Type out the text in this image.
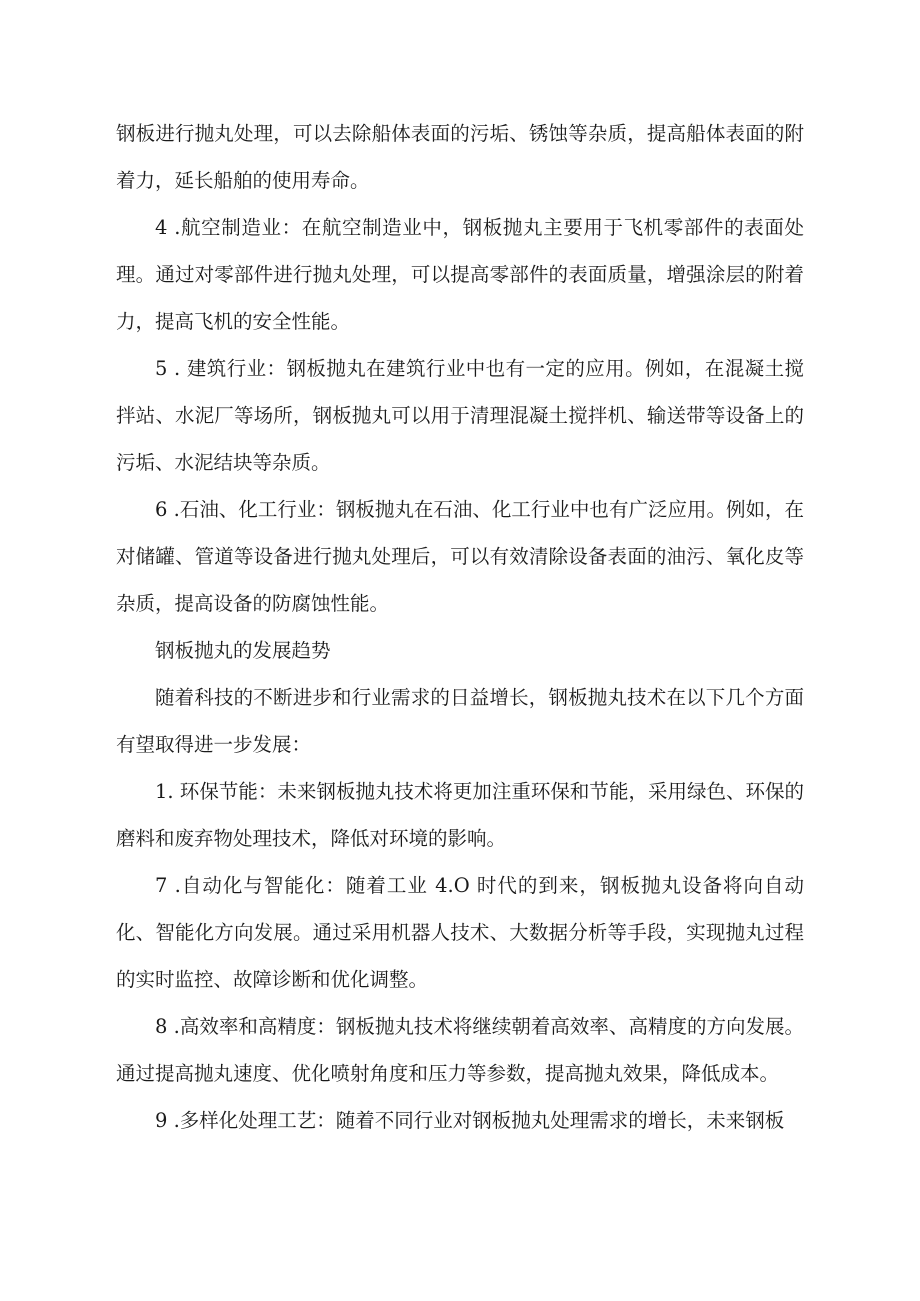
钢板进行抛丸处理，可以去除船体表面的污垢、锈蚀等杂质，提高船体表面的附着力，延长船舶的使用寿命。

4 .航空制造业：在航空制造业中，钢板抛丸主要用于飞机零部件的表面处理。通过对零部件进行抛丸处理，可以提高零部件的表面质量，增强涂层的附着力，提高飞机的安全性能。

5 . 建筑行业：钢板抛丸在建筑行业中也有一定的应用。例如，在混凝土搅拌站、水泥厂等场所，钢板抛丸可以用于清理混凝土搅拌机、输送带等设备上的污垢、水泥结块等杂质。

6 .石油、化工行业：钢板抛丸在石油、化工行业中也有广泛应用。例如，在对储罐、管道等设备进行抛丸处理后，可以有效清除设备表面的油污、氧化皮等杂质，提高设备的防腐蚀性能。

钢板抛丸的发展趋势

随着科技的不断进步和行业需求的日益增长，钢板抛丸技术在以下几个方面有望取得进一步发展：

1. 环保节能：未来钢板抛丸技术将更加注重环保和节能，采用绿色、环保的磨料和废弃物处理技术，降低对环境的影响。

7 .自动化与智能化：随着工业 4.O 时代的到来，钢板抛丸设备将向自动化、智能化方向发展。通过采用机器人技术、大数据分析等手段，实现抛丸过程的实时监控、故障诊断和优化调整。

8 .高效率和高精度：钢板抛丸技术将继续朝着高效率、高精度的方向发展。通过提高抛丸速度、优化喷射角度和压力等参数，提高抛丸效果，降低成本。

9 .多样化处理工艺：随着不同行业对钢板抛丸处理需求的增长，未来钢板
